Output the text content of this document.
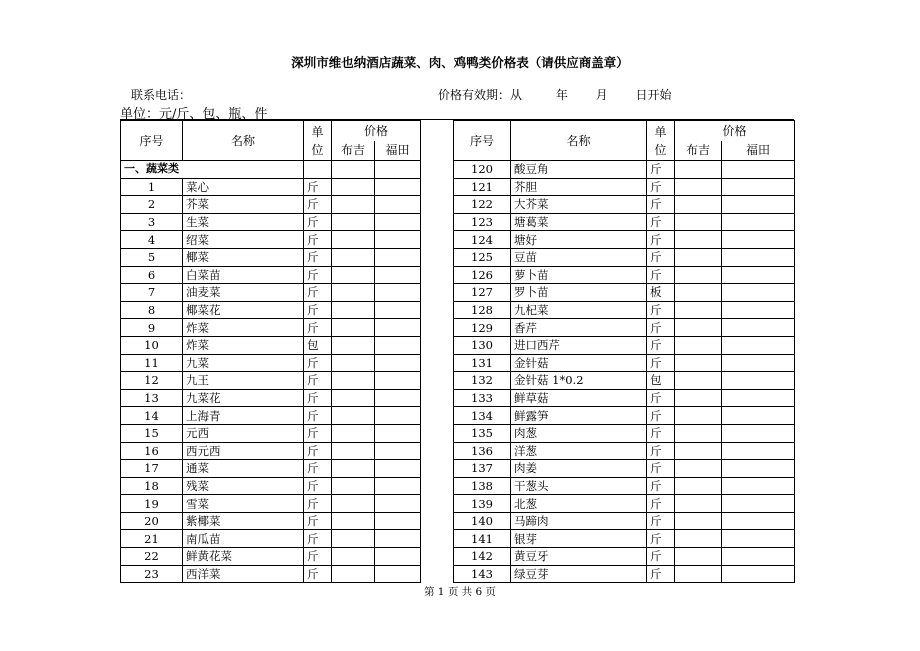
深圳市维也纳酒店蔬菜、肉、鸡鸭类价格表（请供应商盖章）
联系电话：	价格有效期：从	年 月 日开始
单位：元/斤、包、瓶、件
序号	名称	单
位	价格	
			布吉	福田
一、蔬菜类				
1	菜心	斤		
2	芥菜	斤		
3	生菜	斤		
4	绍菜	斤		
5	椰菜	斤		
6	白菜苗	斤		
7	油麦菜	斤		
8	椰菜花	斤		
9	炸菜	斤		
10	炸菜	包		
11	九菜	斤		
12	九王	斤		
13	九菜花	斤		
14	上海青	斤		
15	元西	斤		
16	西元西	斤		
17	通菜	斤		
18	残菜	斤		
19	雪菜	斤		
20	紫椰菜	斤		
21	南瓜苗	斤		
22	鲜黄花菜	斤		
23	西洋菜	斤		
序号	名称	单
位	价格	
			布吉	福田
120	酸豆角	斤		
121	芥胆	斤		
122	大芥菜	斤		
123	塘葛菜	斤		
124	塘好	斤		
125	豆苗	斤		
126	萝卜苗	斤		
127	罗卜苗	板		
128	九杞菜	斤		
129	香芹	斤		
130	进口西芹	斤		
131	金针菇	斤		
132	金针菇 1*0.2	包		
133	鲜草菇	斤		
134	鲜露笋	斤		
135	肉葱	斤		
136	洋葱	斤		
137	肉姜	斤		
138	干葱头	斤		
139	北葱	斤		
140	马蹄肉	斤		
141	银芽	斤		
142	黄豆牙	斤		
143	绿豆芽	斤		
第 1 页 共 6 页
